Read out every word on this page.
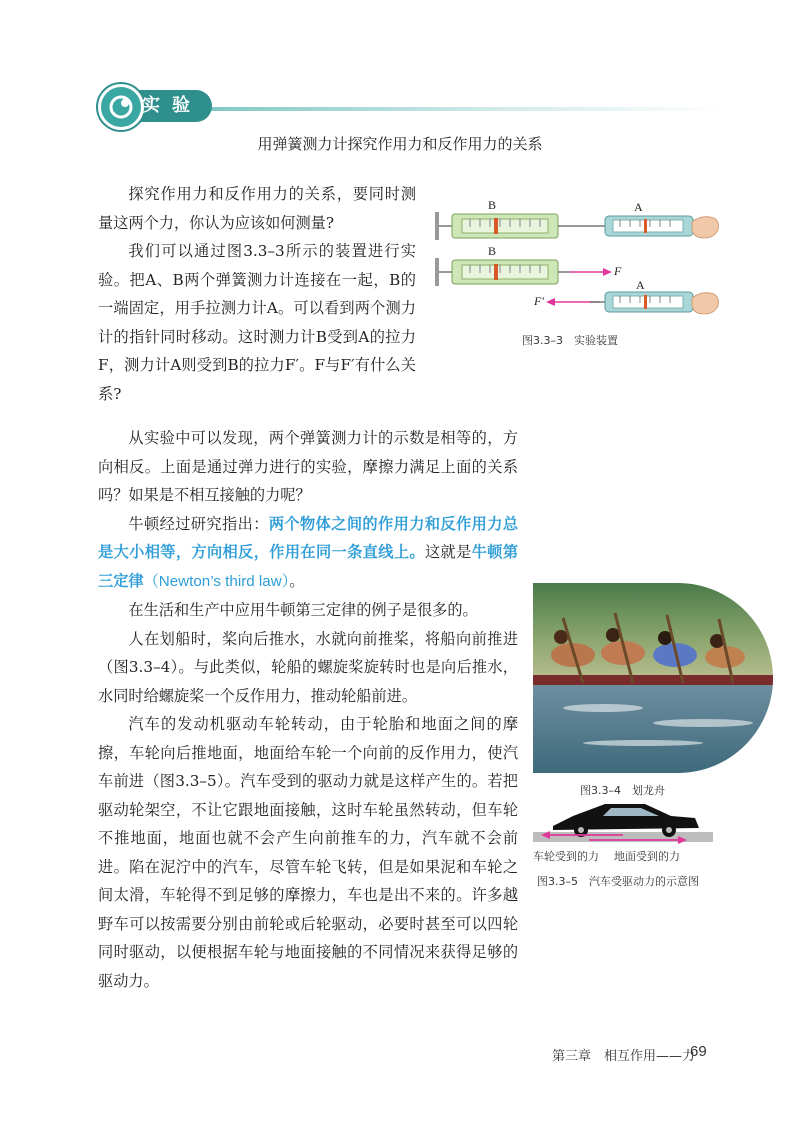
实验
用弹簧测力计探究作用力和反作用力的关系

探究作用力和反作用力的关系，要同时测量这两个力，你认为应该如何测量?

我们可以通过图3.3–3所示的装置进行实验。把A、B两个弹簧测力计连接在一起，B的一端固定，用手拉测力计A。可以看到两个测力计的指针同时移动。这时测力计B受到A的拉力F，测力计A则受到B的拉力F′。F与F′有什么关系?

B	A
B
F
F′
A
图3.3–3　实验装置

从实验中可以发现，两个弹簧测力计的示数是相等的，方向相反。上面是通过弹力进行的实验，摩擦力满足上面的关系吗？如果是不相互接触的力呢？

牛顿经过研究指出：两个物体之间的作用力和反作用力总是大小相等，方向相反，作用在同一条直线上。这就是牛顿第三定律（Newton’s third law）。

在生活和生产中应用牛顿第三定律的例子是很多的。

人在划船时，桨向后推水，水就向前推桨，将船向前推进（图3.3–4）。与此类似，轮船的螺旋桨旋转时也是向后推水，水同时给螺旋桨一个反作用力，推动轮船前进。

汽车的发动机驱动车轮转动，由于轮胎和地面之间的摩擦，车轮向后推地面，地面给车轮一个向前的反作用力，使汽车前进（图3.3–5）。汽车受到的驱动力就是这样产生的。若把驱动轮架空，不让它跟地面接触，这时车轮虽然转动，但车轮不推地面，地面也就不会产生向前推车的力，汽车就不会前进。陷在泥泞中的汽车，尽管车轮飞转，但是如果泥和车轮之间太滑，车轮得不到足够的摩擦力，车也是出不来的。许多越野车可以按需要分别由前轮或后轮驱动，必要时甚至可以四轮同时驱动，以便根据车轮与地面接触的不同情况来获得足够的驱动力。

图3.3–4　划龙舟
车轮受到的力 地面受到的力
图3.3–5　汽车受驱动力的示意图
第三章　相互作用——力
69
